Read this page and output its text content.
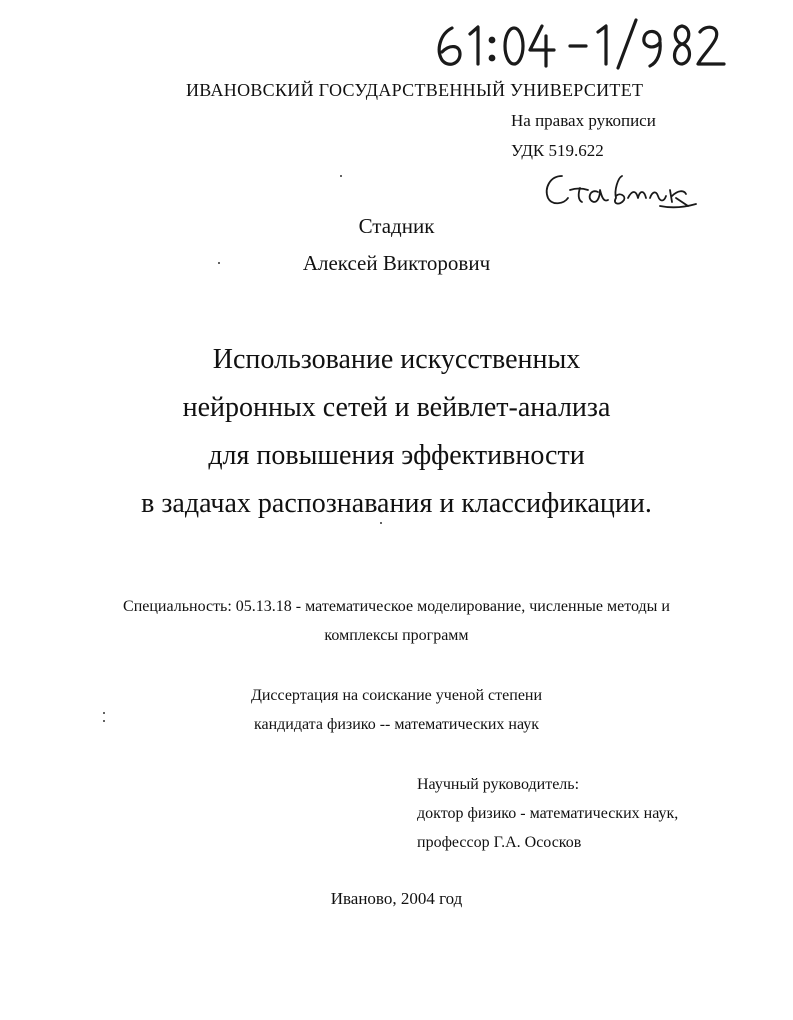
ИВАНОВСКИЙ ГОСУДАРСТВЕННЫЙ УНИВЕРСИТЕТ
На правах рукописи
УДК 519.622
Стадник
Алексей Викторович
Использование искусственных
нейронных сетей и вейвлет-анализа
для повышения эффективности
в задачах распознавания и классификации.
Специальность: 05.13.18 - математическое моделирование, численные методы и
комплексы программ
Диссертация на соискание ученой степени
кандидата физико -- математических наук
Научный руководитель:
доктор физико - математических наук,
профессор Г.А. Ососков
Иваново, 2004 год
